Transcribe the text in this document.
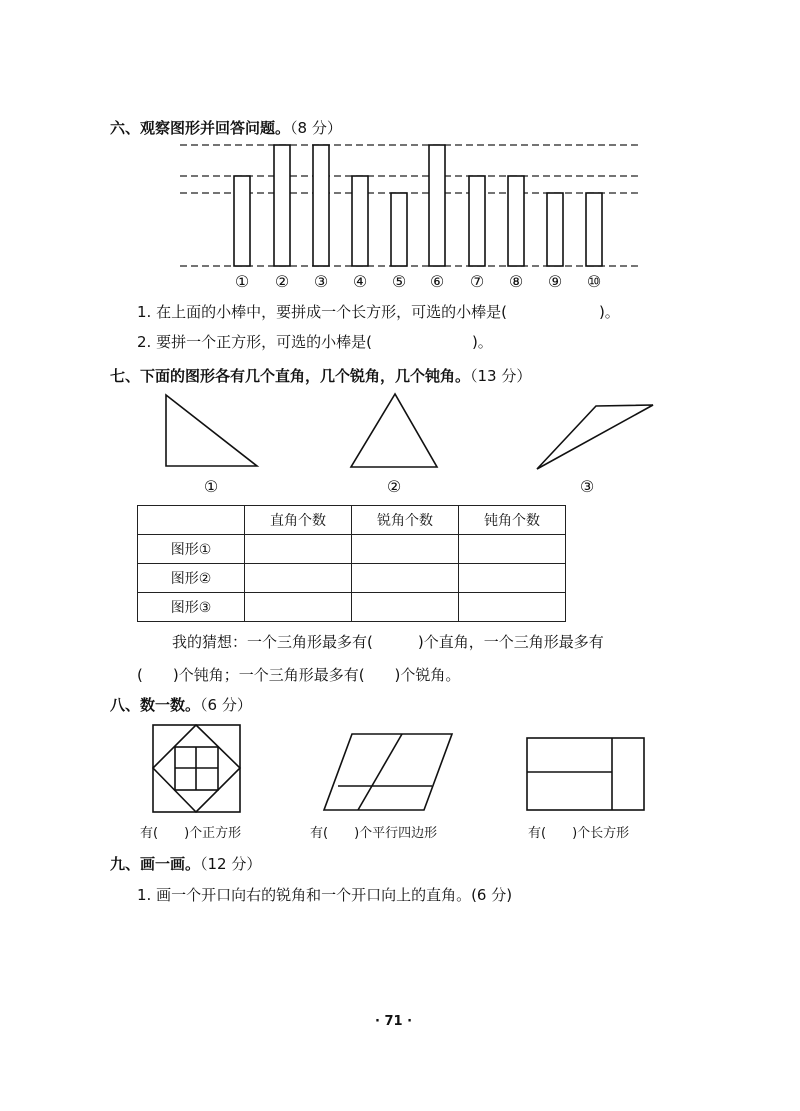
六、观察图形并回答问题。（8 分）
① ② ③ ④ ⑤ ⑥ ⑦ ⑧ ⑨ ⑩
1. 在上面的小棒中，要拼成一个长方形，可选的小棒是(	)。
2. 要拼一个正方形，可选的小棒是(	)。
七、下面的图形各有几个直角，几个锐角，几个钝角。（13 分）
①	②	③
	直角个数	锐角个数	钝角个数
图形①			
图形②			
图形③			
我的猜想：一个三角形最多有(　　　)个直角，一个三角形最多有
(　　)个钝角；一个三角形最多有(　　)个锐角。
八、数一数。（6 分）
有(　　)个正方形	有(　　)个平行四边形	有(　　)个长方形
九、画一画。（12 分）
1. 画一个开口向右的锐角和一个开口向上的直角。(6 分)
· 71 ·
